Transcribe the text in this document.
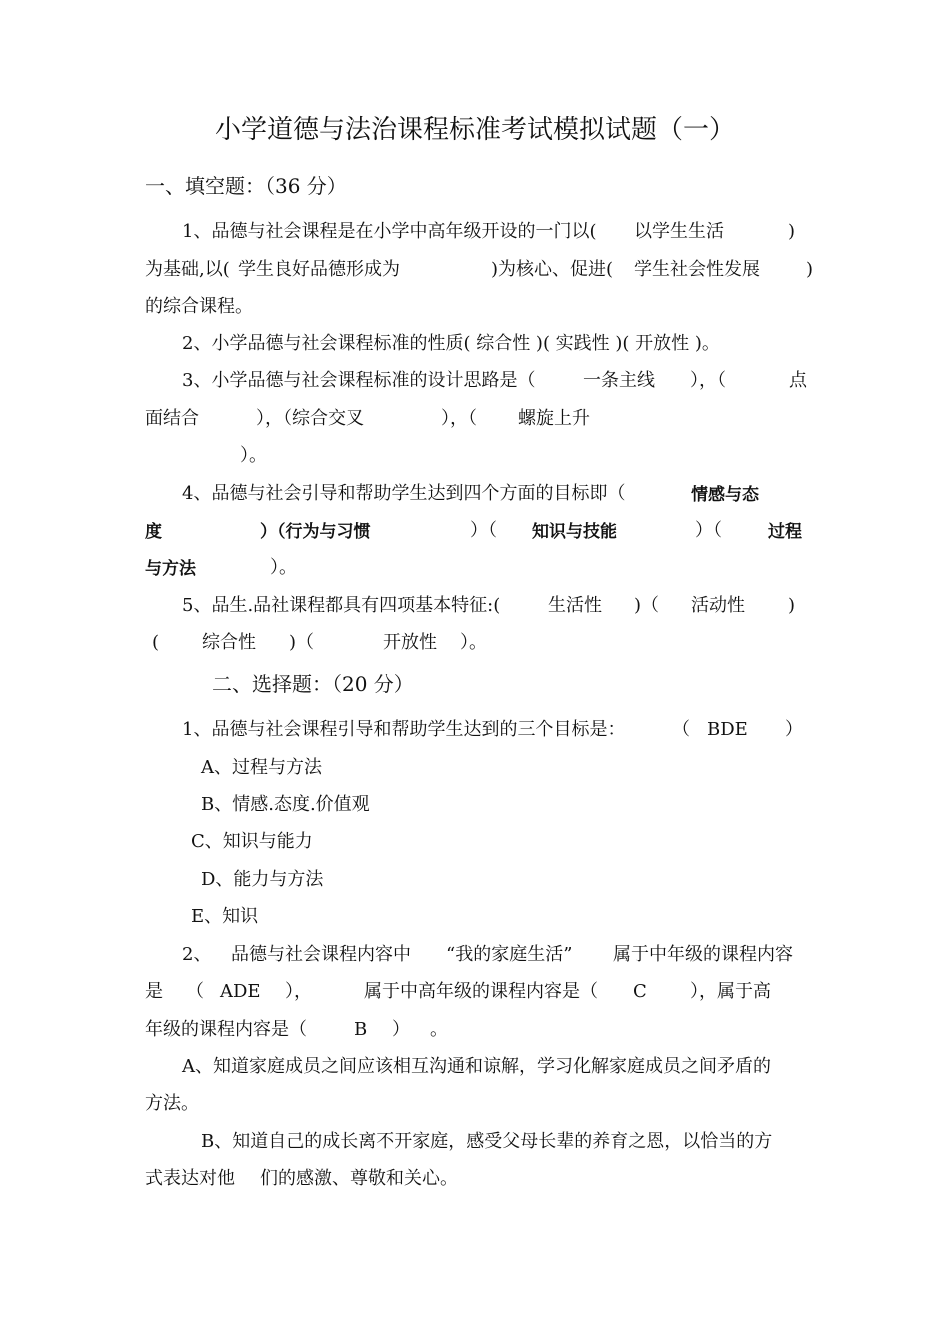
小学道德与法治课程标准考试模拟试题（一）
一、填空题：（36 分）
1、品德与社会课程是在小学中高年级开设的一门以( 以学生生活	)
为基础,以( 学生良好品德形成为	)为核心、促进( 学生社会性发展	)
的综合课程。
2、小学品德与社会课程标准的性质( 综合性 )( 实践性 )( 开放性 )。
3、小学品德与社会课程标准的设计思路是（	一条主线 ），（	点
面结合	），（综合交叉	），（ 螺旋上升
）。
4、品德与社会引导和帮助学生达到四个方面的目标即（	情感与态
度	）（行为与习惯	）（ 知识与技能	）（	过程
与方法	）。
5、品生.品社课程都具有四项基本特征:(	生活性 )（ 活动性 )
( 综合性 )（	开放性 ）。
二、选择题：（20 分）
1、品德与社会课程引导和帮助学生达到的三个目标是：	（ BDE ）
A、过程与方法
B、情感.态度.价值观
C、知识与能力
D、能力与方法
E、知识
2、 品德与社会课程内容中 “我的家庭生活” 属于中年级的课程内容
是 （ ADE ），	属于中高年级的课程内容是（ C ），属于高
年级的课程内容是（	B ） 。
A、知道家庭成员之间应该相互沟通和谅解，学习化解家庭成员之间矛盾的
方法。
B、知道自己的成长离不开家庭，感受父母长辈的养育之恩，以恰当的方
式表达对他 们的感激、尊敬和关心。
